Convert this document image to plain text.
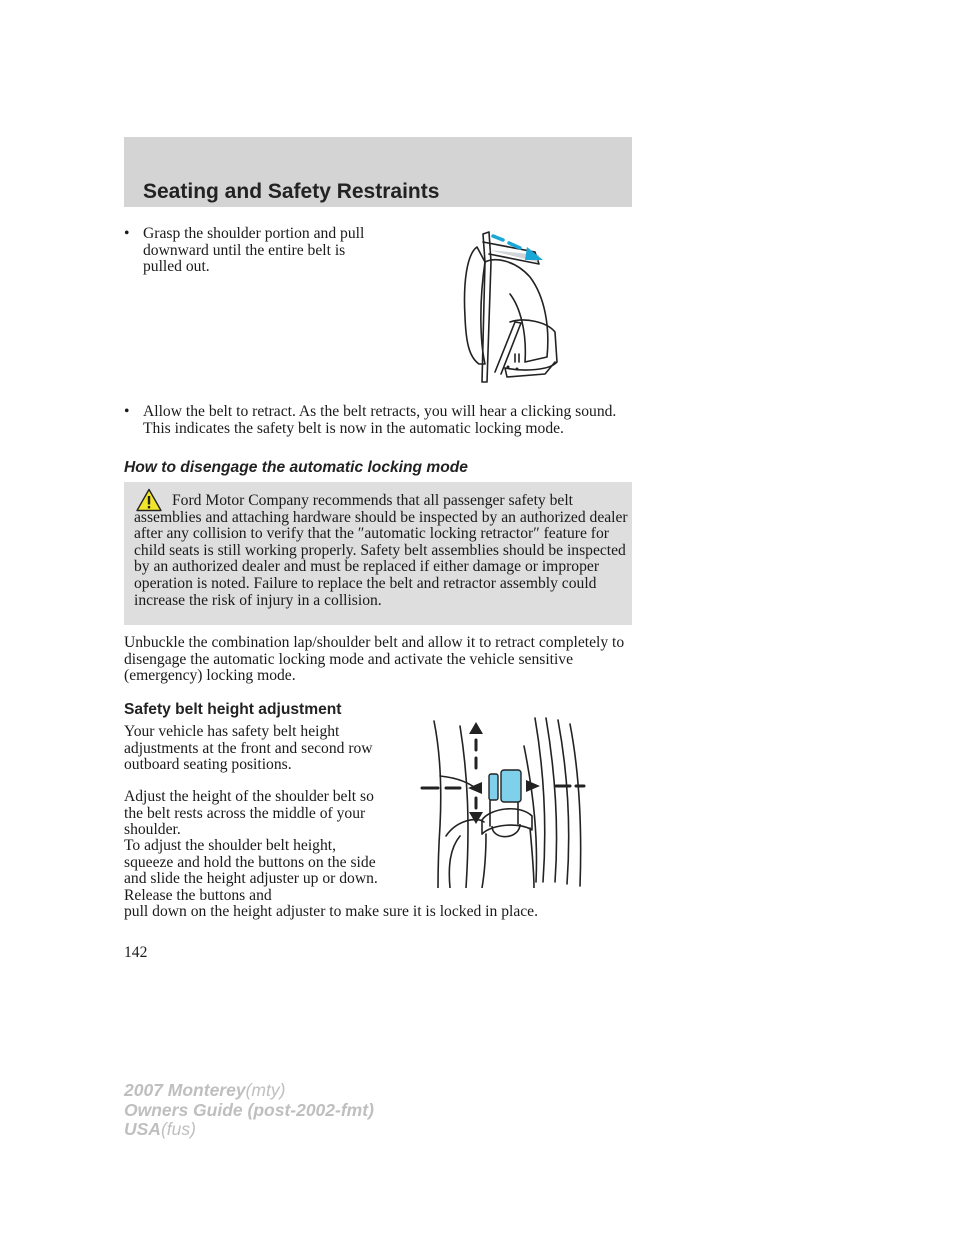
Seating and Safety Restraints
• Grasp the shoulder portion and pull downward until the entire belt is pulled out.
• Allow the belt to retract. As the belt retracts, you will hear a clicking sound. This indicates the safety belt is now in the automatic locking mode.
How to disengage the automatic locking mode

Ford Motor Company recommends that all passenger safety belt assemblies and attaching hardware should be inspected by an authorized dealer after any collision to verify that the ″automatic locking retractor″ feature for child seats is still working properly. Safety belt assemblies should be inspected by an authorized dealer and must be replaced if either damage or improper operation is noted. Failure to replace the belt and retractor assembly could increase the risk of injury in a collision.

Unbuckle the combination lap/shoulder belt and allow it to retract completely to disengage the automatic locking mode and activate the vehicle sensitive (emergency) locking mode.

Safety belt height adjustment

Your vehicle has safety belt height adjustments at the front and second row outboard seating positions.

Adjust the height of the shoulder belt so the belt rests across the middle of your shoulder.

To adjust the shoulder belt height, squeeze and hold the buttons on the side and slide the height adjuster up or down. Release the buttons and

pull down on the height adjuster to make sure it is locked in place.

142

2007 Monterey(mty)
Owners Guide (post-2002-fmt)
USA(fus)
